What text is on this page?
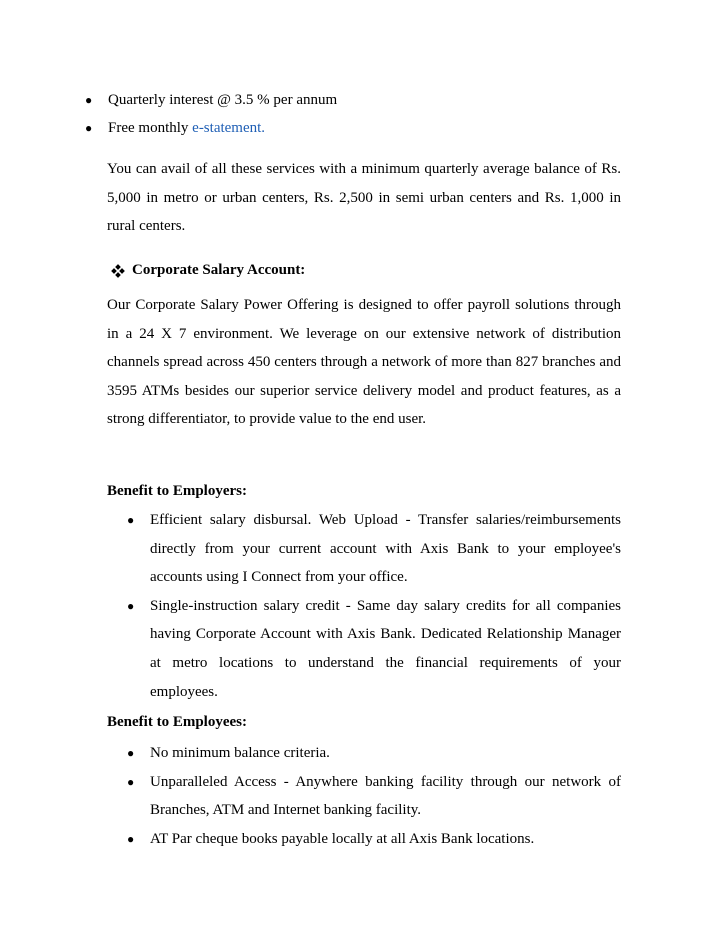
●	Quarterly interest @ 3.5 % per annum
●	Free monthly e-statement.

You can avail of all these services with a minimum quarterly average balance of Rs. 5,000 in metro or urban centers, Rs. 2,500 in semi urban centers and Rs. 1,000 in rural centers.

Corporate Salary Account:

Our Corporate Salary Power Offering is designed to offer payroll solutions through in a 24 X 7 environment. We leverage on our extensive network of distribution channels spread across 450 centers through a network of more than 827 branches and 3595 ATMs besides our superior service delivery model and product features, as a strong differentiator, to provide value to the end user.

Benefit to Employers:

●	Efficient salary disbursal. Web Upload - Transfer salaries/reimbursements directly from your current account with Axis Bank to your employee's accounts using I Connect from your office.
●	Single-instruction salary credit - Same day salary credits for all companies having Corporate Account with Axis Bank. Dedicated Relationship Manager at metro locations to understand the financial requirements of your employees.

Benefit to Employees:

●	No minimum balance criteria.
●	Unparalleled Access - Anywhere banking facility through our network of Branches, ATM and Internet banking facility.
●	AT Par cheque books payable locally at all Axis Bank locations.
